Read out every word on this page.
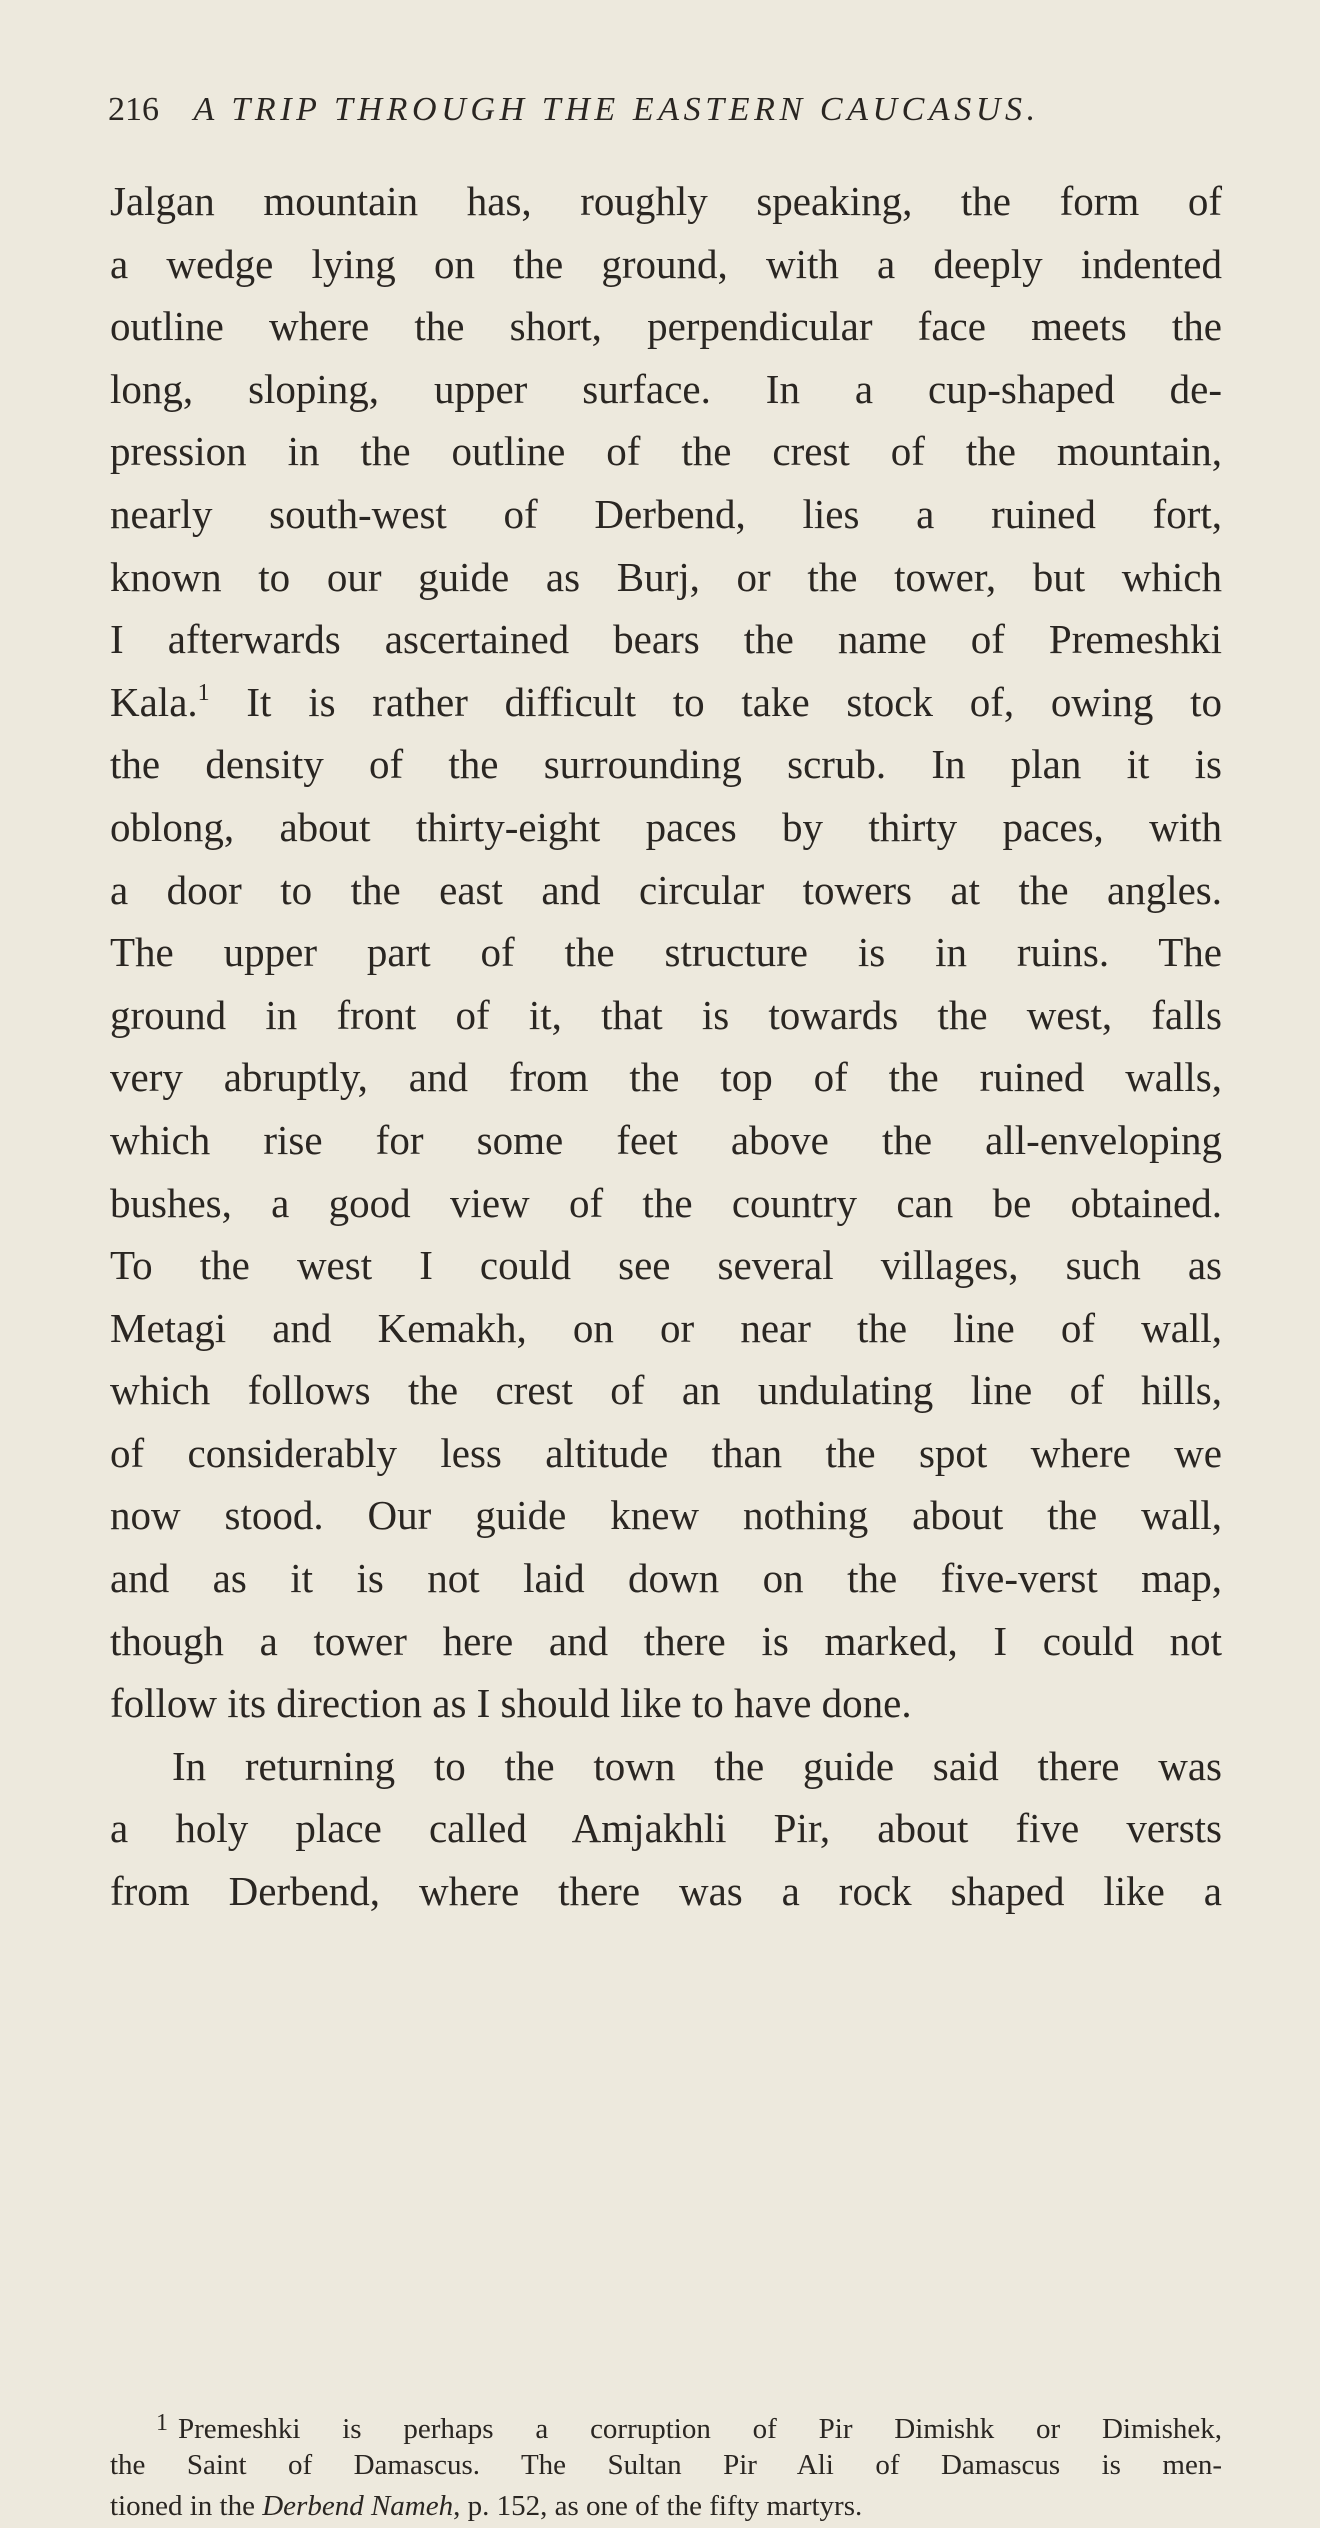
216 A TRIP THROUGH THE EASTERN CAUCASUS.
Jalgan mountain has, roughly speaking, the form of
a wedge lying on the ground, with a deeply indented
outline where the short, perpendicular face meets the
long, sloping, upper surface. In a cup-shaped de-
pression in the outline of the crest of the mountain,
nearly south-west of Derbend, lies a ruined fort,
known to our guide as Burj, or the tower, but which
I afterwards ascertained bears the name of Premeshki
Kala.$^1$ It is rather difficult to take stock of, owing to
the density of the surrounding scrub. In plan it is
oblong, about thirty-eight paces by thirty paces, with
a door to the east and circular towers at the angles.
The upper part of the structure is in ruins. The
ground in front of it, that is towards the west, falls
very abruptly, and from the top of the ruined walls,
which rise for some feet above the all-enveloping
bushes, a good view of the country can be obtained.
To the west I could see several villages, such as
Metagi and Kemakh, on or near the line of wall,
which follows the crest of an undulating line of hills,
of considerably less altitude than the spot where we
now stood. Our guide knew nothing about the wall,
and as it is not laid down on the five-verst map,
though a tower here and there is marked, I could not
follow its direction as I should like to have done.
In returning to the town the guide said there was
a holy place called Amjakhli Pir, about five versts
from Derbend, where there was a rock shaped like a
$^1$ Premeshki is perhaps a corruption of Pir Dimishk or Dimishek,
the Saint of Damascus. The Sultan Pir Ali of Damascus is men-
tioned in the Derbend Nameh, p. 152, as one of the fifty martyrs.
